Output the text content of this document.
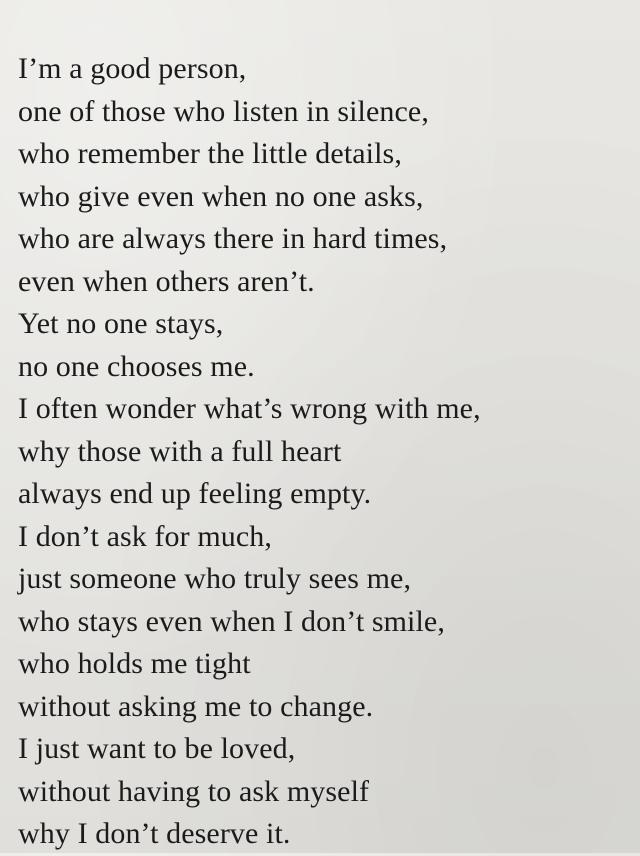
I’m a good person,
one of those who listen in silence,
who remember the little details,
who give even when no one asks,
who are always there in hard times,
even when others aren’t.
Yet no one stays,
no one chooses me.
I often wonder what’s wrong with me,
why those with a full heart
always end up feeling empty.
I don’t ask for much,
just someone who truly sees me,
who stays even when I don’t smile,
who holds me tight
without asking me to change.
I just want to be loved,
without having to ask myself
why I don’t deserve it.
